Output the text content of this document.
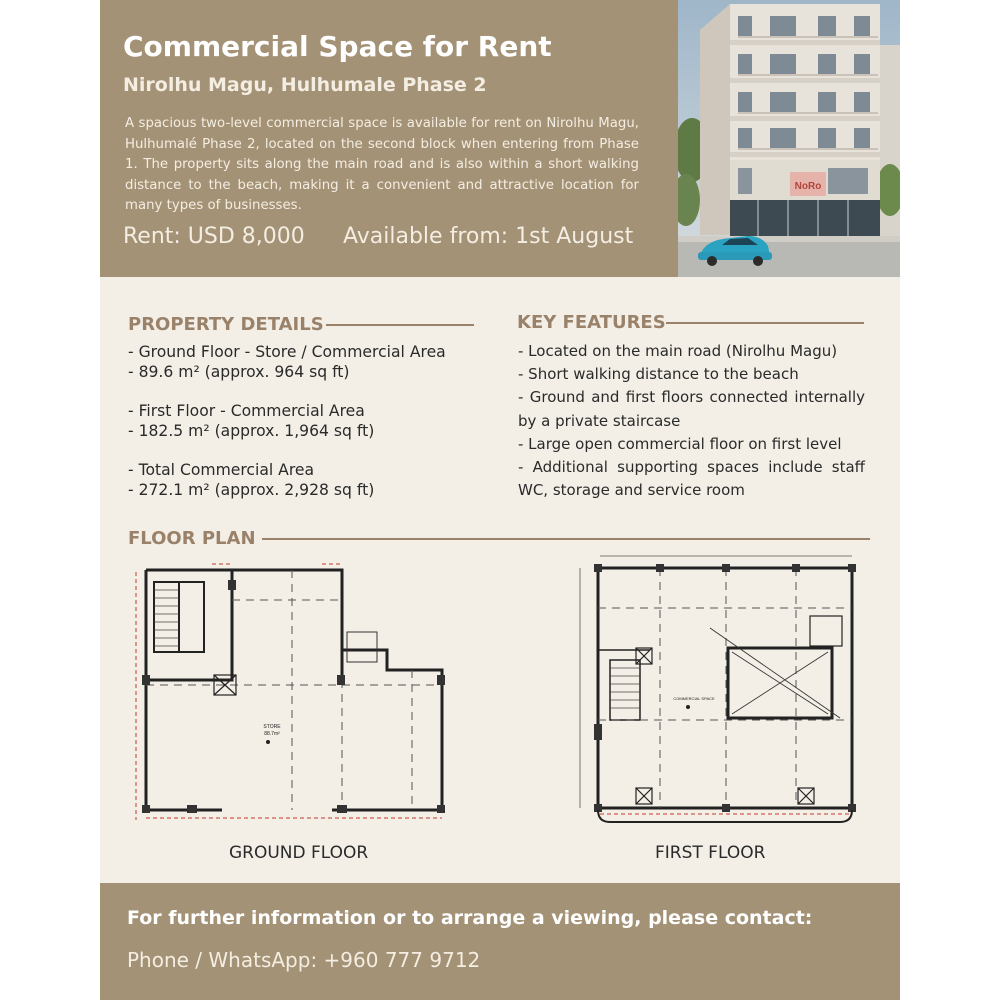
Commercial Space for Rent
Nirolhu Magu, Hulhumale Phase 2

A spacious two-level commercial space is available for rent on Nirolhu Magu, Hulhumalé Phase 2, located on the second block when entering from Phase 1. The property sits along the main road and is also within a short walking distance to the beach, making it a convenient and attractive location for many types of businesses.

Rent: USD 8,000 Available from: 1st August
NoRo
PROPERTY DETAILS
- Ground Floor - Store / Commercial Area
- 89.6 m² (approx. 964 sq ft)
- First Floor - Commercial Area
- 182.5 m² (approx. 1,964 sq ft)
- Total Commercial Area
- 272.1 m² (approx. 2,928 sq ft)
KEY FEATURES

- Located on the main road (Nirolhu Magu)

- Short walking distance to the beach

- Ground and first floors connected internally by a private staircase

- Large open commercial floor on first level

- Additional supporting spaces include staff WC, storage and service room

FLOOR PLAN
STORE
88.7m²
GROUND FLOOR
COMMERCIAL SPACE
FIRST FLOOR

For further information or to arrange a viewing, please contact:

Phone / WhatsApp: +960 777 9712
